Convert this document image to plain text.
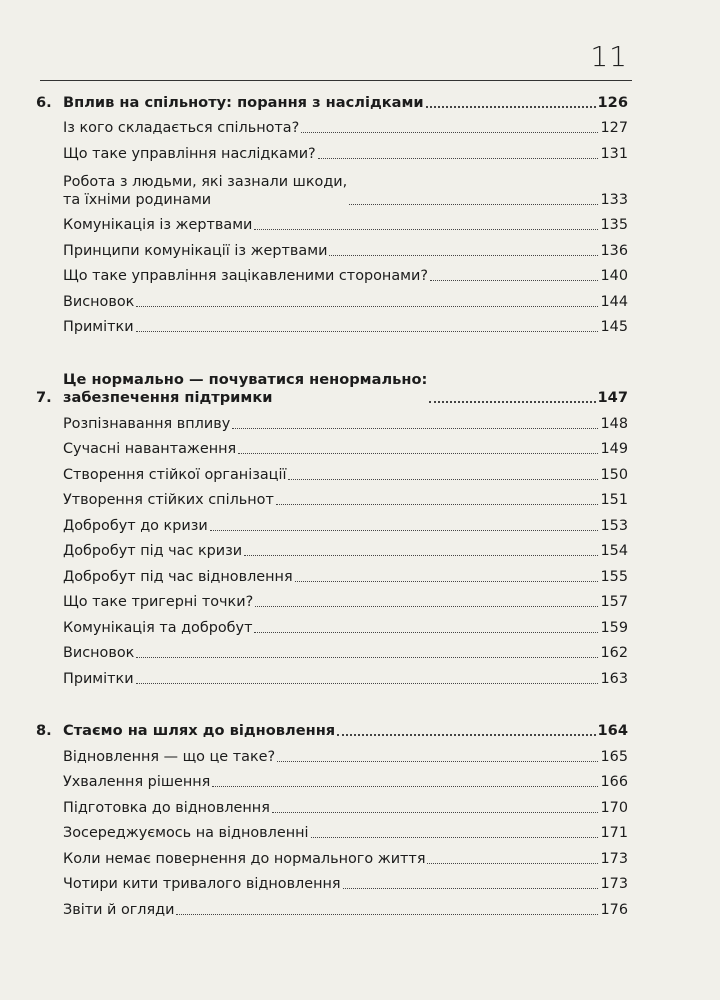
11
6. Вплив на спільноту: порання з наслідками	126
Із кого складається спільнота?	127
Що таке управління наслідками?	131
Робота з людьми, які зазнали шкоди,
та їхніми родинами	133
Комунікація із жертвами	135
Принципи комунікації із жертвами	136
Що таке управління зацікавленими сторонами?	140
Висновок	144
Примітки	145
7.
Це нормально — почуватися ненормально:
забезпечення підтримки	147
Розпізнавання впливу	148
Сучасні навантаження	149
Створення стійкої організації	150
Утворення стійких спільнот	151
Добробут до кризи	153
Добробут під час кризи	154
Добробут під час відновлення	155
Що таке тригерні точки?	157
Комунікація та добробут	159
Висновок	162
Примітки	163
8. Стаємо на шлях до відновлення	164
Відновлення — що це таке?	165
Ухвалення рішення	166
Підготовка до відновлення	170
Зосереджуємось на відновленні	171
Коли немає повернення до нормального життя	173
Чотири кити тривалого відновлення	173
Звіти й огляди	176
